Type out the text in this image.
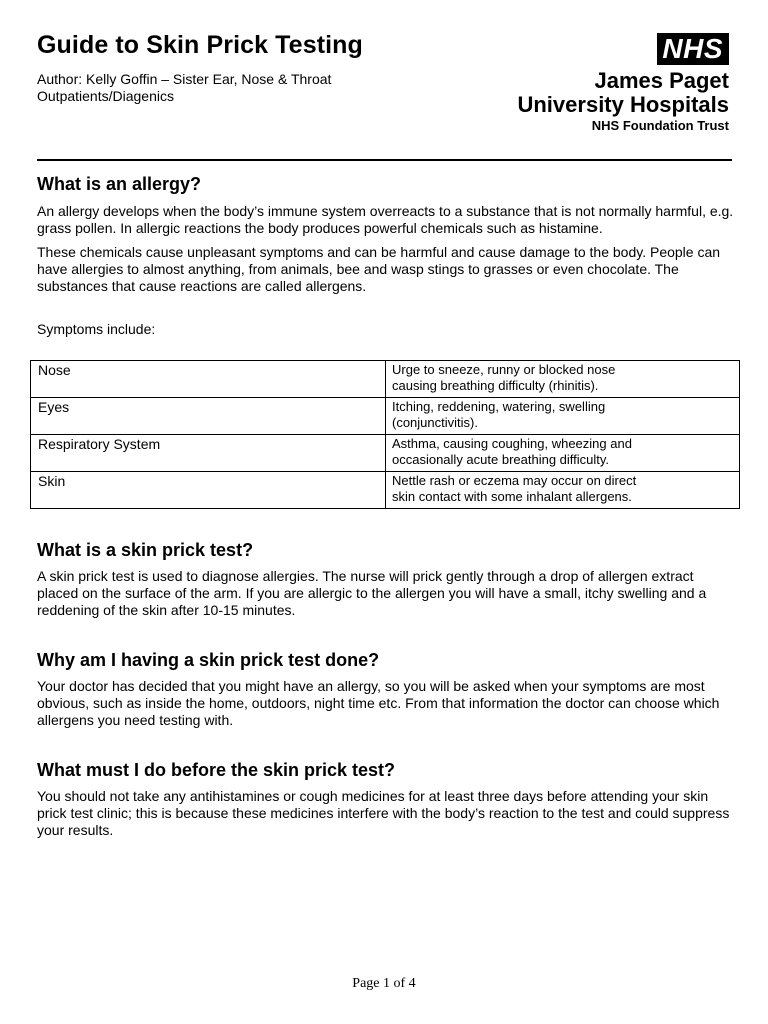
Guide to Skin Prick Testing
Author: Kelly Goffin – Sister Ear, Nose & Throat
Outpatients/Diagenics
NHS
James Paget
University Hospitals
NHS Foundation Trust
What is an allergy?

An allergy develops when the body’s immune system overreacts to a substance that is not normally harmful, e.g. grass pollen. In allergic reactions the body produces powerful chemicals such as histamine.

These chemicals cause unpleasant symptoms and can be harmful and cause damage to the body. People can have allergies to almost anything, from animals, bee and wasp stings to grasses or even chocolate. The substances that cause reactions are called allergens.

Symptoms include:

Nose	Urge to sneeze, runny or blocked nose
causing breathing difficulty (rhinitis).

Eyes	Itching, reddening, watering, swelling
(conjunctivitis).

Respiratory System	Asthma, causing coughing, wheezing and
occasionally acute breathing difficulty.

Skin	Nettle rash or eczema may occur on direct
skin contact with some inhalant allergens.
What is a skin prick test?

A skin prick test is used to diagnose allergies. The nurse will prick gently through a drop of allergen extract placed on the surface of the arm. If you are allergic to the allergen you will have a small, itchy swelling and a reddening of the skin after 10-15 minutes.

Why am I having a skin prick test done?

Your doctor has decided that you might have an allergy, so you will be asked when your symptoms are most obvious, such as inside the home, outdoors, night time etc. From that information the doctor can choose which allergens you need testing with.

What must I do before the skin prick test?

You should not take any antihistamines or cough medicines for at least three days before attending your skin prick test clinic; this is because these medicines interfere with the body’s reaction to the test and could suppress your results.

Page 1 of 4
